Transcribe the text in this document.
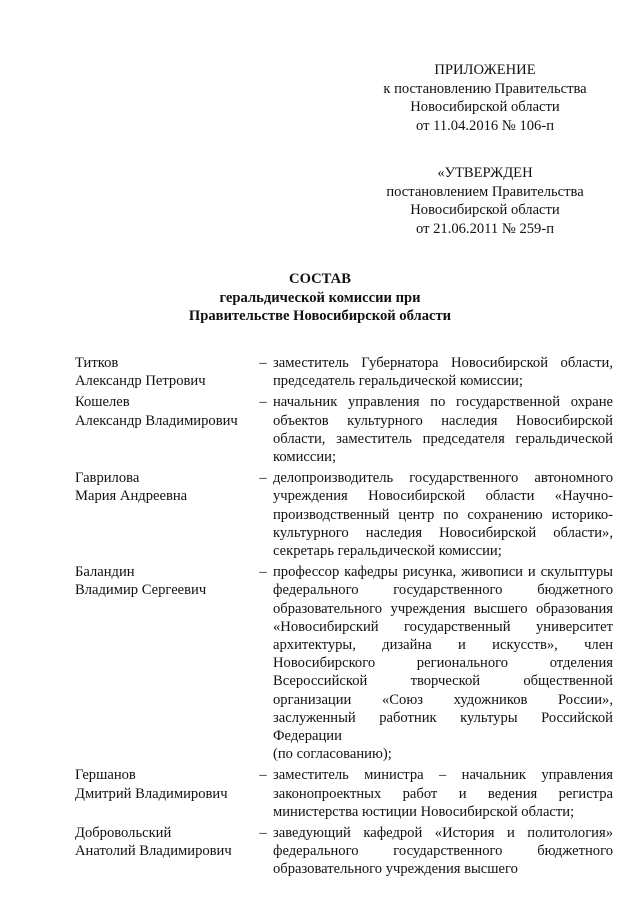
ПРИЛОЖЕНИЕ
к постановлению Правительства
Новосибирской области
от 11.04.2016 № 106-п
«УТВЕРЖДЕН
постановлением Правительства
Новосибирской области
от 21.06.2011 № 259-п
СОСТАВ
геральдической комиссии при
Правительстве Новосибирской области
Титков
Александр Петрович
– заместитель Губернатора Новосибирской области, председатель геральдической комиссии;
Кошелев
Александр Владимирович
– начальник управления по государственной охране объектов культурного наследия Новосибирской области, заместитель председателя геральдической комиссии;
Гаврилова
Мария Андреевна
– делопроизводитель государственного автономного учреждения Новосибирской области «Научно-производственный центр по сохранению историко-культурного наследия Новосибирской области», секретарь геральдической комиссии;
Баландин
Владимир Сергеевич
– профессор кафедры рисунка, живописи и скульптуры федерального государственного бюджетного образовательного учреждения высшего образования «Новосибирский государственный университет архитектуры, дизайна и искусств», член Новосибирского регионального отделения Всероссийской творческой общественной организации «Союз художников России», заслуженный работник культуры Российской Федерации
(по согласованию);
Гершанов
Дмитрий Владимирович
– заместитель министра – начальник управления законопроектных работ и ведения регистра министерства юстиции Новосибирской области;
Добровольский
Анатолий Владимирович
– заведующий кафедрой «История и политология» федерального государственного бюджетного образовательного учреждения высшего
